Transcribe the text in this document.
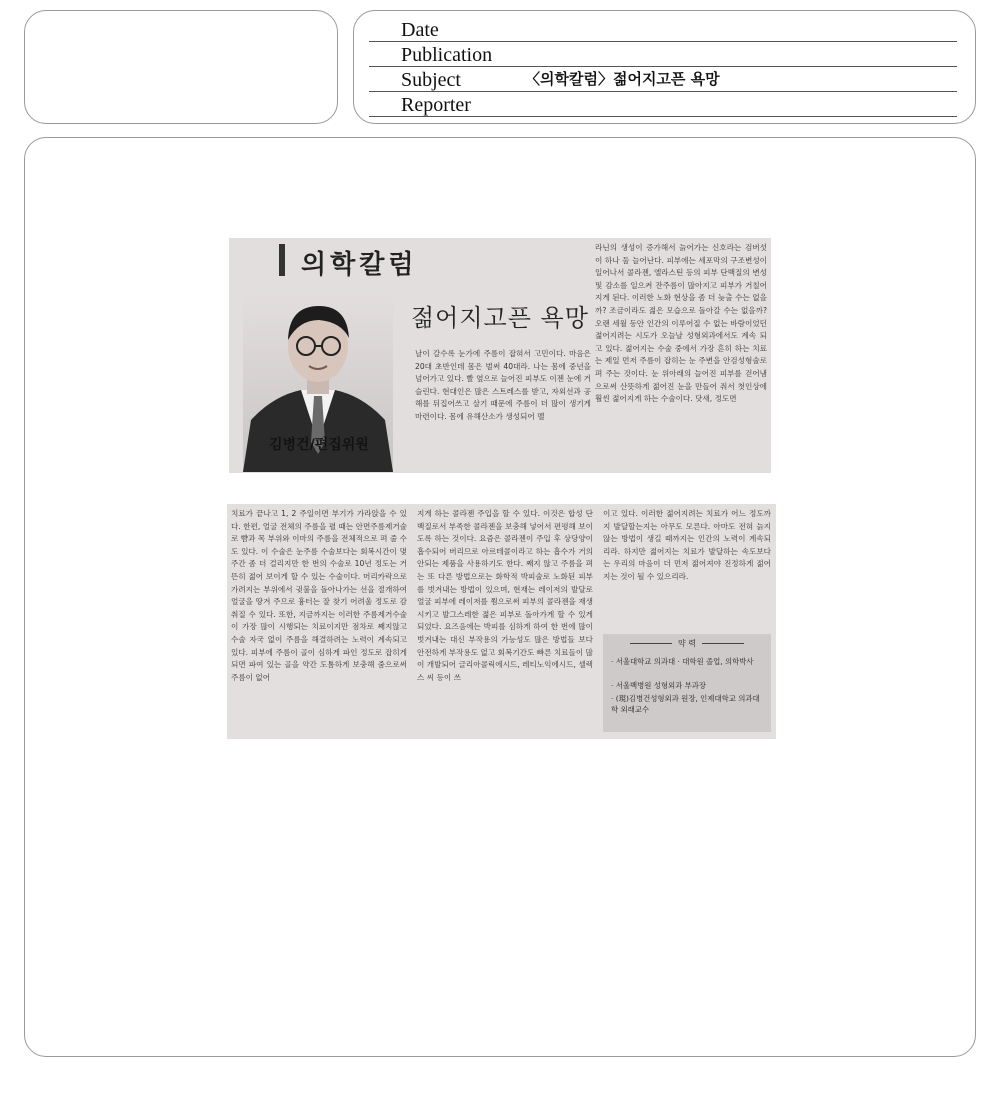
Date
Publication
Subject	〈의학칼럼〉젊어지고픈 욕망
Reporter
의학칼럼
젊어지고픈 욕망
김병건/편집위원

날이 갈수록 눈가에 주름이 잡혀서 고민이다. 마음은 20대 초반인데 몸은 벌써 40대라. 나는 몸에 중년을 넘어가고 있다. 빨 옆으로 늘어진 피부도 이젠 눈에 거슬린다. 현대인은 많은 스트레스를 받고, 자외선과 공해를 뒤집어쓰고 살기 때문에 주름이 더 많이 생기게 마련이다. 몸에 유해산소가 생성되어 멜

라닌의 생성이 증가해서 늙어가는 신호라는 검버섯이 하나 둘 늘어난다. 피부에는 세포막의 구조변성이 일어나서 콜라젠, 엘라스틴 등의 피부 단백질의 변성 및 감소를 일으켜 잔주름이 많아지고 피부가 거칠어지게 된다. 이러한 노화 현상을 좀 더 늦출 수는 없을까? 조금이라도 젊은 모습으로 돌아갈 수는 없을까? 오랜 세월 동안 인간의 이루어질 수 없는 바람이었던 젊어지려는 시도가 오늘날 성형외과에서도 계속 되고 있다. 젊어지는 수술 중에서 가장 흔히 하는 치료는 제일 먼저 주름이 잡히는 눈 주변을 안검성형술로 펴 주는 것이다. 눈 위아래의 늘어진 피부를 걷어냄으로써 산뜻하게 젊어진 눈을 만들어 줘서 첫인상에 훨씬 젊어지게 하는 수술이다. 닷새, 정도면

치료가 끝나고 1, 2 주일이면 부기가 가라앉을 수 있다. 한편, 얼굴 전체의 주름을 펼 때는 안면주름제거술로 뺨과 목 부위와 이마의 주름을 전체적으로 펴 줄 수도 있다. 이 수술은 눈주름 수술보다는 회복시간이 몇 주간 좀 더 걸리지만 한 번의 수술로 10년 정도는 거뜬히 젊어 보이게 할 수 있는 수술이다. 머리카락으로 가려지는 부위에서 귓불을 돌아나가는 선을 절개하여 얼굴을 땅겨 주므로 흉터는 잘 찾기 어려울 정도로 감춰질 수 있다. 또한, 지금까지는 이러한 주름제거수술이 가장 많이 시행되는 치료이지만 점차로 째지않고 수술 자국 없이 주름을 해결하려는 노력이 계속되고 있다. 피부에 주름이 골이 심하게 파인 정도로 잡히게 되면 파여 있는 골을 약간 도톰하게 보충해 줌으로써 주름이 없어

지게 하는 콜라젠 주입을 할 수 있다. 이것은 합성 단백질로서 부족한 콜라젠을 보충해 넣어서 편평해 보이도록 하는 것이다. 요즘은 콜라젠이 주입 후 상당양이 흡수되어 버리므로 아르테콜이라고 하는 흡수가 거의 안되는 제품을 사용하기도 한다. 째지 않고 주름을 펴는 또 다른 방법으로는 화학적 박피술로 노화된 피부를 벗겨내는 방법이 있으며, 현재는 레이저의 발달로 얼굴 피부에 레이저를 쬠으로써 피부의 콜라젠을 재생시키고 발그스레한 젊은 피부로 돌아가게 할 수 있게 되었다. 요즈음에는 박피를 심하게 하여 한 번에 많이 벗겨내는 대신 부작용의 가능성도 많은 방법들 보다 안전하게 부작용도 없고 회복기간도 빠른 치료들이 많이 개발되어 글리아콜릭에시드, 레티노익에시드, 셀렉스 씨 등이 쓰

이고 있다. 이러한 젊어지려는 치료가 어느 정도까지 발달할는지는 아무도 모른다. 아마도 전혀 늙지 않는 방법이 생길 때까지는 인간의 노력이 계속되리라. 하지만 젊어지는 치료가 발달하는 속도보다는 우리의 마음이 더 먼저 젊어져야 진정하게 젊어지는 것이 될 수 있으리라.

약 력
· 서울대학교 의과대 · 대학원 졸업, 의학박사
· 서울백병원 성형외과 부과장
· (現)김병건성형외과 원장, 인제대학교 의과대학 외래교수
